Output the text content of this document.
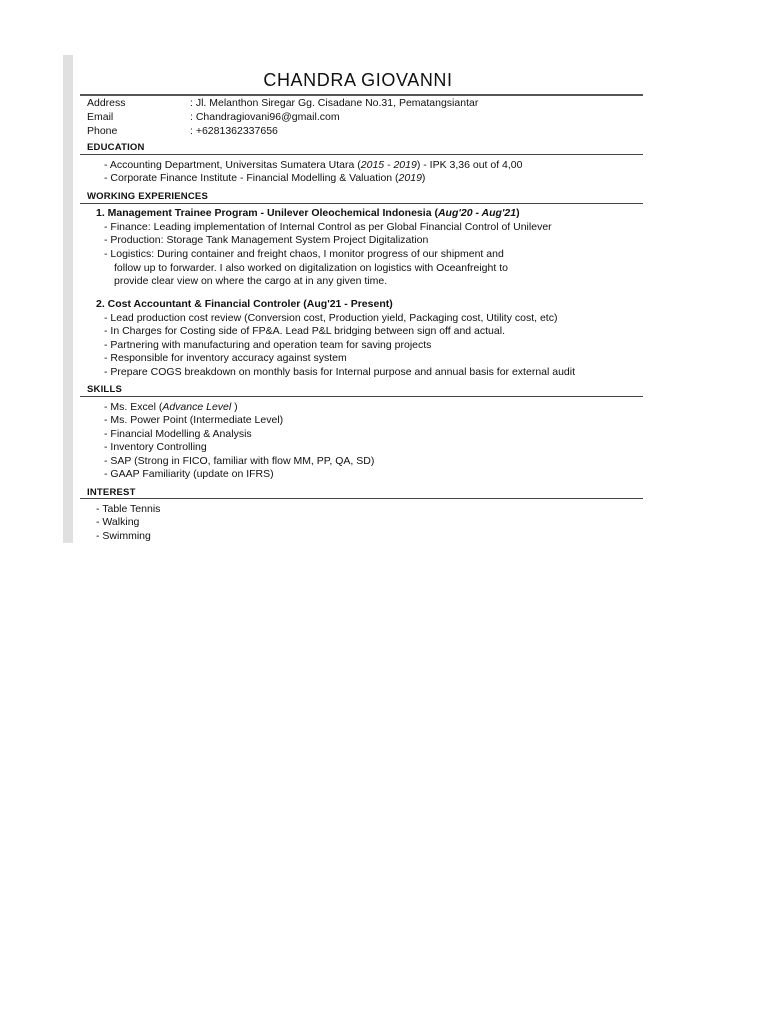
CHANDRA GIOVANNI
Address	: Jl. Melanthon Siregar Gg. Cisadane No.31, Pematangsiantar
Email	: Chandragiovani96@gmail.com
Phone	: +6281362337656
EDUCATION
- Accounting Department, Universitas Sumatera Utara (2015 - 2019) - IPK 3,36 out of 4,00
- Corporate Finance Institute - Financial Modelling & Valuation (2019)
WORKING EXPERIENCES
1. Management Trainee Program - Unilever Oleochemical Indonesia (Aug'20 - Aug'21)
- Finance: Leading implementation of Internal Control as per Global Financial Control of Unilever
- Production: Storage Tank Management System Project Digitalization
- Logistics: During container and freight chaos, I monitor progress of our shipment and
follow up to forwarder. I also worked on digitalization on logistics with Oceanfreight to
provide clear view on where the cargo at in any given time.
2. Cost Accountant & Financial Controler (Aug'21 - Present)
- Lead production cost review (Conversion cost, Production yield, Packaging cost, Utility cost, etc)
- In Charges for Costing side of FP&A. Lead P&L bridging between sign off and actual.
- Partnering with manufacturing and operation team for saving projects
- Responsible for inventory accuracy against system
- Prepare COGS breakdown on monthly basis for Internal purpose and annual basis for external audit
SKILLS
- Ms. Excel (Advance Level )
- Ms. Power Point (Intermediate Level)
- Financial Modelling & Analysis
- Inventory Controlling
- SAP (Strong in FICO, familiar with flow MM, PP, QA, SD)
- GAAP Familiarity (update on IFRS)
INTEREST
- Table Tennis
- Walking
- Swimming
